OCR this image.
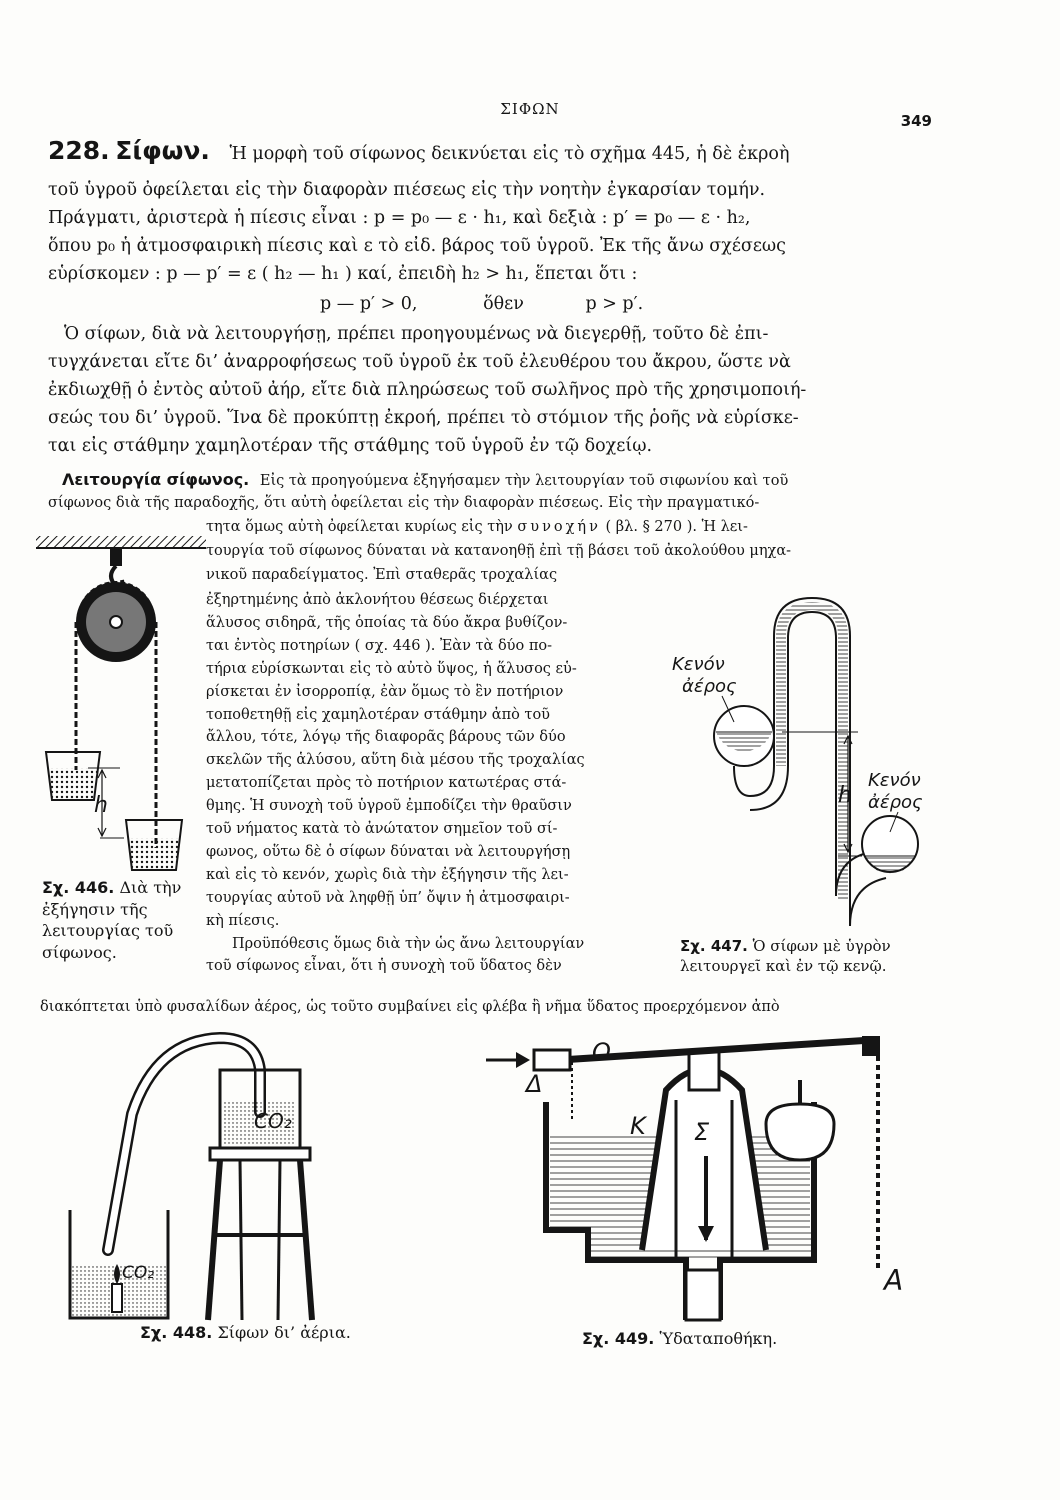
ΣΙΦΩΝ
349
228. Σίφων. Ἡ μορφὴ τοῦ σίφωνος δεικνύεται εἰς τὸ σχῆμα 445, ἡ δὲ ἐκροὴ
τοῦ ὑγροῦ ὀφείλεται εἰς τὴν διαφορὰν πιέσεως εἰς τὴν νοητὴν ἐγκαρσίαν τομήν.
Πράγματι, ἀριστερὰ ἡ πίεσις εἶναι : p = p₀ — ε · h₁, καὶ δεξιὰ : p′ = p₀ — ε · h₂,
ὅπου p₀ ἡ ἀτμοσφαιρικὴ πίεσις καὶ ε τὸ εἰδ. βάρος τοῦ ὑγροῦ. Ἐκ τῆς ἄνω σχέσεως
εὑρίσκομεν : p — p′ = ε ( h₂ — h₁ ) καί, ἐπειδὴ h₂ > h₁, ἕπεται ὅτι :
p — p′ > 0,	ὅθεν	p > p′.
Ὁ σίφων, διὰ νὰ λειτουργήσῃ, πρέπει προηγουμένως νὰ διεγερθῇ, τοῦτο δὲ ἐπι-
τυγχάνεται εἴτε δι’ ἀναρροφήσεως τοῦ ὑγροῦ ἐκ τοῦ ἐλευθέρου του ἄκρου, ὥστε νὰ
ἐκδιωχθῇ ὁ ἐντὸς αὐτοῦ ἀήρ, εἴτε διὰ πληρώσεως τοῦ σωλῆνος πρὸ τῆς χρησιμοποιή-
σεώς του δι’ ὑγροῦ. Ἵνα δὲ προκύπτῃ ἐκροή, πρέπει τὸ στόμιον τῆς ῥοῆς νὰ εὑρίσκε-
ται εἰς στάθμην χαμηλοτέραν τῆς στάθμης τοῦ ὑγροῦ ἐν τῷ δοχείῳ.
Λειτουργία σίφωνος. Εἰς τὰ προηγούμενα ἐξηγήσαμεν τὴν λειτουργίαν τοῦ σιφωνίου καὶ τοῦ
σίφωνος διὰ τῆς παραδοχῆς, ὅτι αὐτὴ ὀφείλεται εἰς τὴν διαφορὰν πιέσεως. Εἰς τὴν πραγματικό-
τητα ὅμως αὐτὴ ὀφείλεται κυρίως εἰς τὴν συνοχήν ( βλ. § 270 ). Ἡ λει-
τουργία τοῦ σίφωνος δύναται νὰ κατανοηθῇ ἐπὶ τῇ βάσει τοῦ ἀκολούθου μηχα-
νικοῦ παραδείγματος. Ἐπὶ σταθερᾶς τροχαλίας
ἐξηρτημένης ἀπὸ ἀκλονήτου θέσεως διέρχεται
ἅλυσος σιδηρᾶ, τῆς ὁποίας τὰ δύο ἄκρα βυθίζον-
ται ἐντὸς ποτηρίων ( σχ. 446 ). Ἐὰν τὰ δύο πο-
τήρια εὑρίσκωνται εἰς τὸ αὐτὸ ὕψος, ἡ ἅλυσος εὑ-
ρίσκεται ἐν ἰσορροπίᾳ, ἐὰν ὅμως τὸ ἓν ποτήριον
τοποθετηθῇ εἰς χαμηλοτέραν στάθμην ἀπὸ τοῦ
ἄλλου, τότε, λόγῳ τῆς διαφορᾶς βάρους τῶν δύο
σκελῶν τῆς ἁλύσου, αὕτη διὰ μέσου τῆς τροχαλίας
μετατοπίζεται πρὸς τὸ ποτήριον κατωτέρας στά-
θμης. Ἡ συνοχὴ τοῦ ὑγροῦ ἐμποδίζει τὴν θραῦσιν
τοῦ νήματος κατὰ τὸ ἀνώτατον σημεῖον τοῦ σί-
φωνος, οὕτω δὲ ὁ σίφων δύναται νὰ λειτουργήσῃ
καὶ εἰς τὸ κενόν, χωρὶς διὰ τὴν ἐξήγησιν τῆς λει-
τουργίας αὐτοῦ νὰ ληφθῇ ὑπ’ ὄψιν ἡ ἀτμοσφαιρι-
κὴ πίεσις.
Προϋπόθεσις ὅμως διὰ τὴν ὡς ἄνω λειτουργίαν
τοῦ σίφωνος εἶναι, ὅτι ἡ συνοχὴ τοῦ ὕδατος δὲν
διακόπτεται ὑπὸ φυσαλίδων ἀέρος, ὡς τοῦτο συμβαίνει εἰς φλέβα ἢ νῆμα ὕδατος προερχόμενον ἀπὸ
h
Σχ. 446. Διὰ τὴν ἐξήγησιν τῆς λειτουργίας τοῦ σίφωνος.
h
Κενόν
ἀέρος
Κενόν
ἀέρος
Σχ. 447. Ὁ σίφων μὲ ὑγρὸν
λειτουργεῖ καὶ ἐν τῷ κενῷ.
CO₂
CO₂
Σχ. 448. Σίφων δι’ ἀέρια.
Σ
Κ
Δ
Ο
Α
Σχ. 449. Ὑδαταποθήκη.
